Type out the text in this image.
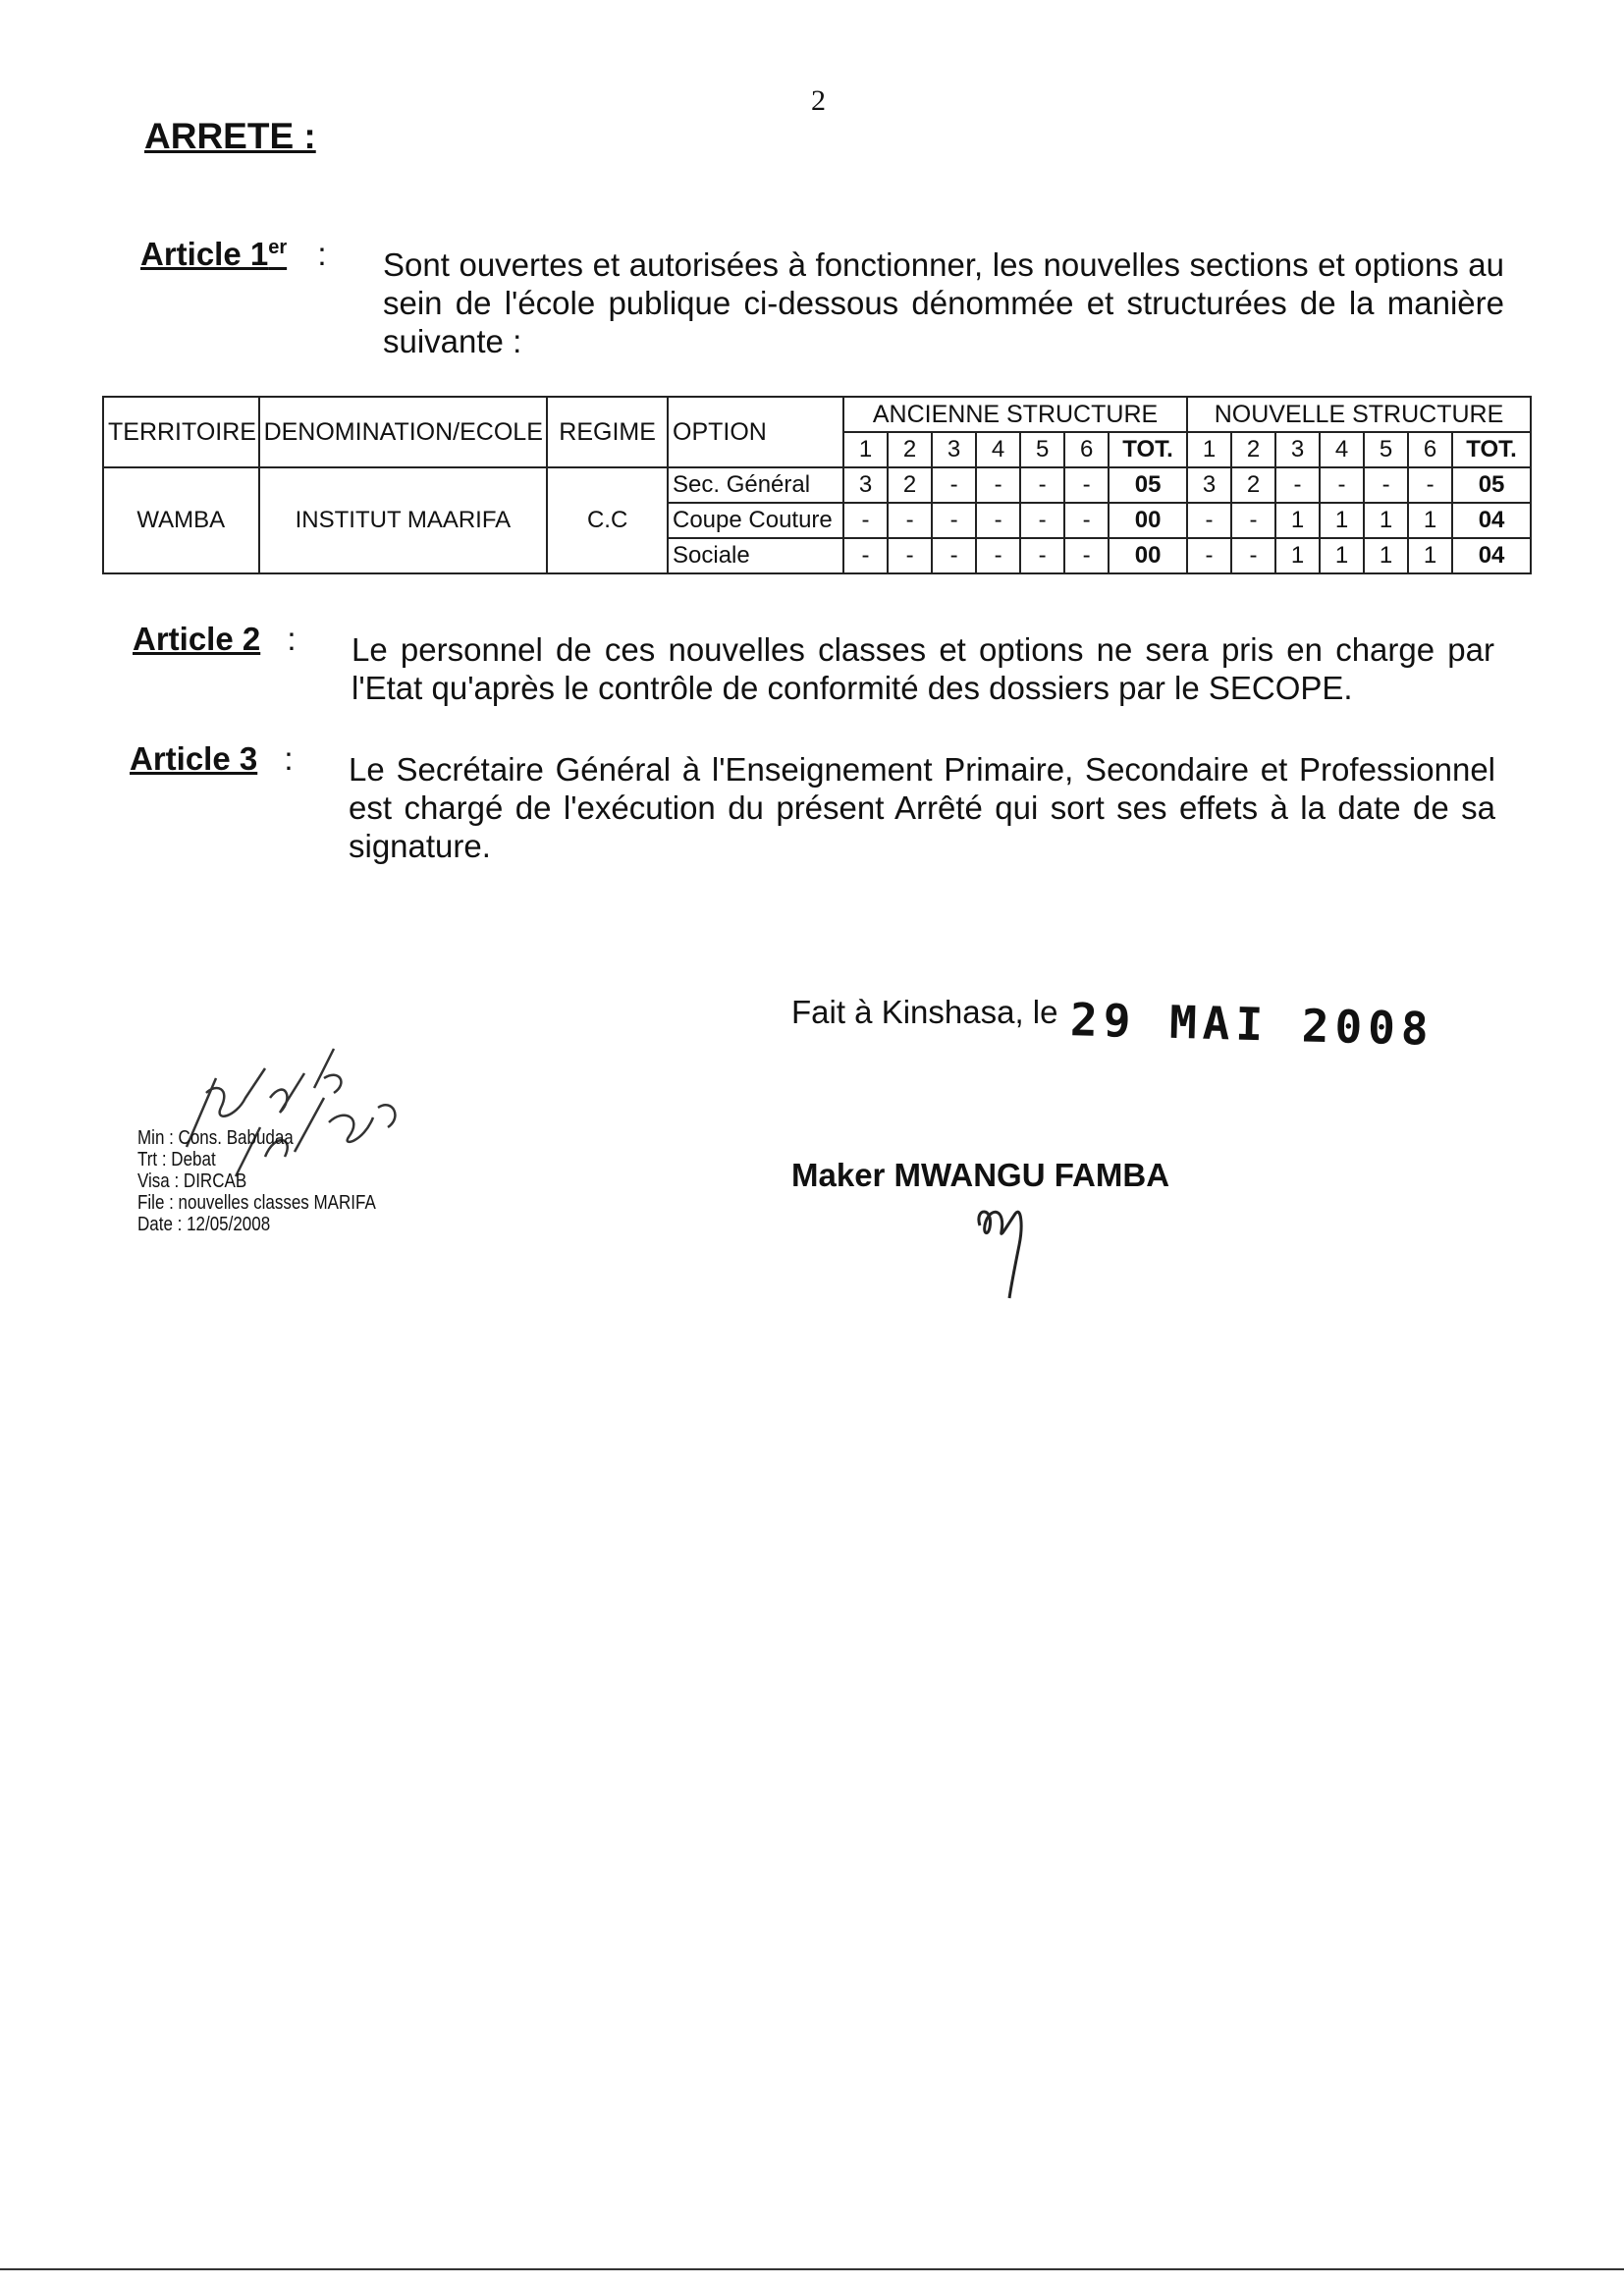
2
ARRETE :
Article 1er : Sont ouvertes et autorisées à fonctionner, les nouvelles sections et options au sein de l'école publique ci-dessous dénommée et structurées de la manière suivante :
TERRITOIRE	DENOMINATION/ECOLE	REGIME	OPTION	ANCIENNE STRUCTURE							NOUVELLE STRUCTURE						
				1	2	3	4	5	6	TOT.	1	2	3	4	5	6	TOT.
WAMBA	INSTITUT MAARIFA	C.C	Sec. Général	3	2	-	-	-	-	05	3	2	-	-	-	-	05
			Coupe Couture	-	-	-	-	-	-	00	-	-	1	1	1	1	04
			Sociale	-	-	-	-	-	-	00	-	-	1	1	1	1	04
Article 2 : Le personnel de ces nouvelles classes et options ne sera pris en charge par l'Etat qu'après le contrôle de conformité des dossiers par le SECOPE.
Article 3 : Le Secrétaire Général à l'Enseignement Primaire, Secondaire et Professionnel est chargé de l'exécution du présent Arrêté qui sort ses effets à la date de sa signature.
Fait à Kinshasa, le 29 MAI 2008
Maker MWANGU FAMBA
Min : Cons. Babudaa
Trt : Debat
Visa : DIRCAB
File : nouvelles classes MARIFA
Date : 12/05/2008
